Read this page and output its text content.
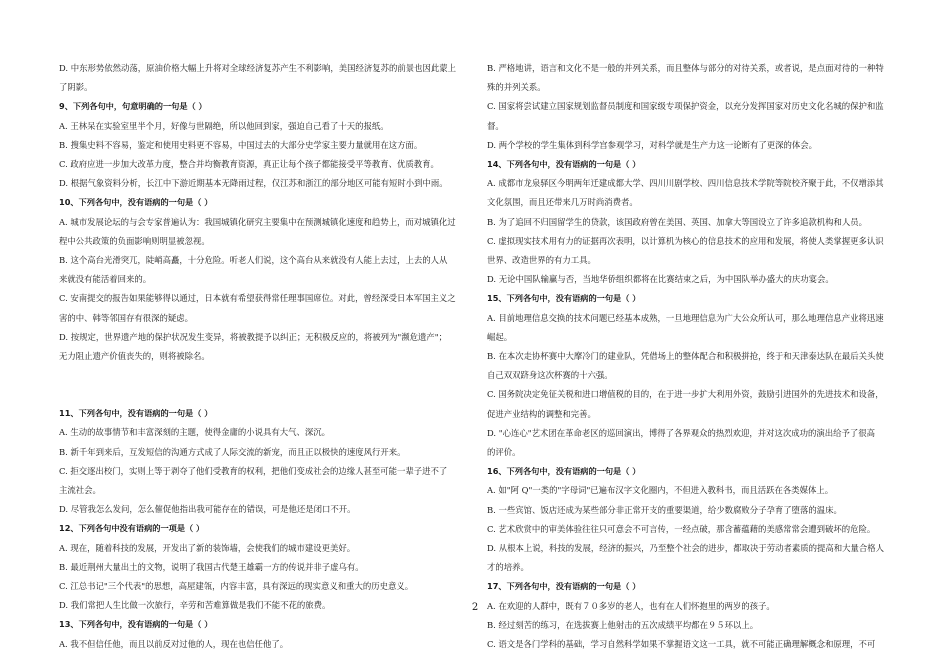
D. 中东形势依然动荡，原油价格大幅上升将对全球经济复苏产生不利影响，美国经济复苏的前景也因此蒙上
了阴影。
9、下列各句中，句意明确的一句是（ ）
A. 王林呆在实验室里半个月，好像与世隔绝，所以他回到家，强迫自己看了十天的报纸。
B. 搜集史料不容易，鉴定和使用史料更不容易，中国过去的大部分史学家主要力量就用在这方面。
C. 政府应进一步加大改革力度，整合并均衡教育资源，真正让每个孩子都能接受平等教育、优质教育。
D. 根据气象资料分析，长江中下游近期基本无降雨过程，仅江苏和浙江的部分地区可能有短时小到中雨。
10、下列各句中，没有语病的一句是（ ）
A. 城市发展论坛的与会专家普遍认为：我国城镇化研究主要集中在预测城镇化速度和趋势上，而对城镇化过
程中公共政策的负面影响则明显被忽视。
B. 这个高台光滑突兀，陡峭高矗，十分危险。听老人们说，这个高台从来就没有人能上去过，上去的人从
来就没有能活着回来的。
C. 安南提交的报告如果能够得以通过，日本就有希望获得常任理事国席位。对此，曾经深受日本军国主义之
害的中、韩等邻国存有很深的疑虑。
D. 按规定，世界遗产地的保护状况发生变异，将被教提予以纠正；无积极反应的，将被列为"濒危遗产"；
无力阻止遗产价值丧失的，则将被除名。
11、下列各句中，没有语病的一句是（ ）
A. 生动的故事情节和丰富深刻的主题，使得金庸的小说具有大气、深沉。
B. 新千年到来后，互发短信的沟通方式成了人际交流的新宠，而且正以极快的速度风行开来。
C. 拒交逐出校门，实则上等于剥夺了他们受教育的权利，把他们变成社会的边缘人甚至可能一辈子进不了
主流社会。
D. 尽管我怎么发问，怎么催促他指出我可能存在的错误，可是他还是闭口不开。
12、下列各句中没有语病的一项是（ ）
A. 现在，随着科技的发展，开发出了新的装饰墙，会使我们的城市建设更美好。
B. 最近荆州大量出土的文物，说明了我国古代楚王雄霸一方的传说并非子虚乌有。
C. 江总书记"三个代表"的思想，高屋建瓴，内容丰富，具有深远的现实意义和重大的历史意义。
D. 我们常把人生比做一次旅行，辛劳和苦难算做是我们不能不花的旅费。
13、下列各句中，没有语病的一句是（ ）
A. 我不但信任他，而且以前反对过他的人，现在也信任他了。
B. 严格地讲，语言和文化不是一般的并列关系，而且整体与部分的对待关系，或者说，是点面对待的一种特
殊的并列关系。
C. 国家将尝试建立国家规划监督员制度和国家级专项保护资金，以充分发挥国家对历史文化名城的保护和监
督。
D. 两个学校的学生集体到科学宫参观学习，对科学就是生产力这一论断有了更深的体会。
14、下列各句中，没有语病的一句是（ ）
A. 成都市龙泉驿区今明两年迁建成都大学、四川川剧学校、四川信息技术学院等院校齐聚于此，不仅增添其
文化氛围，而且还带来几万时尚消费者。
B. 为了追回不归国留学生的贷款，该国政府曾在美国、英国、加拿大等国设立了许多追款机构和人员。
C. 虚拟现实技术用有力的证据再次表明，以计算机为核心的信息技术的应用和发展，将使人类掌握更多认识
世界、改造世界的有力工具。
D. 无论中国队输赢与否，当地华侨组织都将在比赛结束之后，为中国队举办盛大的庆功宴会。
15、下列各句中，没有语病的一句是（ ）
A. 目前地理信息交换的技术问题已经基本成熟，一旦地理信息为广大公众所认可，那么地理信息产业将迅速
崛起。
B. 在本次走协杯赛中大摩冷门的建业队，凭借场上的整体配合和积极拼抢，终于和天津泰达队在最后关头使
自己双双跻身这次杯赛的十六强。
C. 国务院决定免征关税和进口增值税的目的，在于进一步扩大利用外资，鼓励引进国外的先进技术和设备，
促进产业结构的调整和完善。
D. "心连心"艺术团在革命老区的巡回演出，博得了各界观众的热烈欢迎，并对这次成功的演出给予了很高
的评价。
16、下列各句中，没有语病的一句是（ ）
A. 如"阿 Q"一类的"字母词"已遍布汉字文化圈内，不但进入教科书，而且活跃在各类媒体上。
B. 一些宾馆、饭店还成为某些部分非正常开支的重要渠道，给少数腐败分子孕育了堕落的温床。
C. 艺术欣赏中的审美体验往往只可意会不可言传，一经点破，那含蓄蕴藉的美感常常会遭到破坏的危险。
D. 从根本上说，科技的发展，经济的振兴，乃至整个社会的进步，都取决于劳动者素质的提高和大量合格人
才的培养。
17、下列各句中，没有语病的一句是（ ）
A. 在欢迎的人群中，既有７０多岁的老人，也有在人们怀抱里的两岁的孩子。
B. 经过刻苦的练习，在选拔赛上他射击的五次成绩平均都在９５环以上。
C. 语文是各门学科的基础，学习自然科学如果不掌握语文这一工具，就不可能正确理解概念和原理，不可
2
